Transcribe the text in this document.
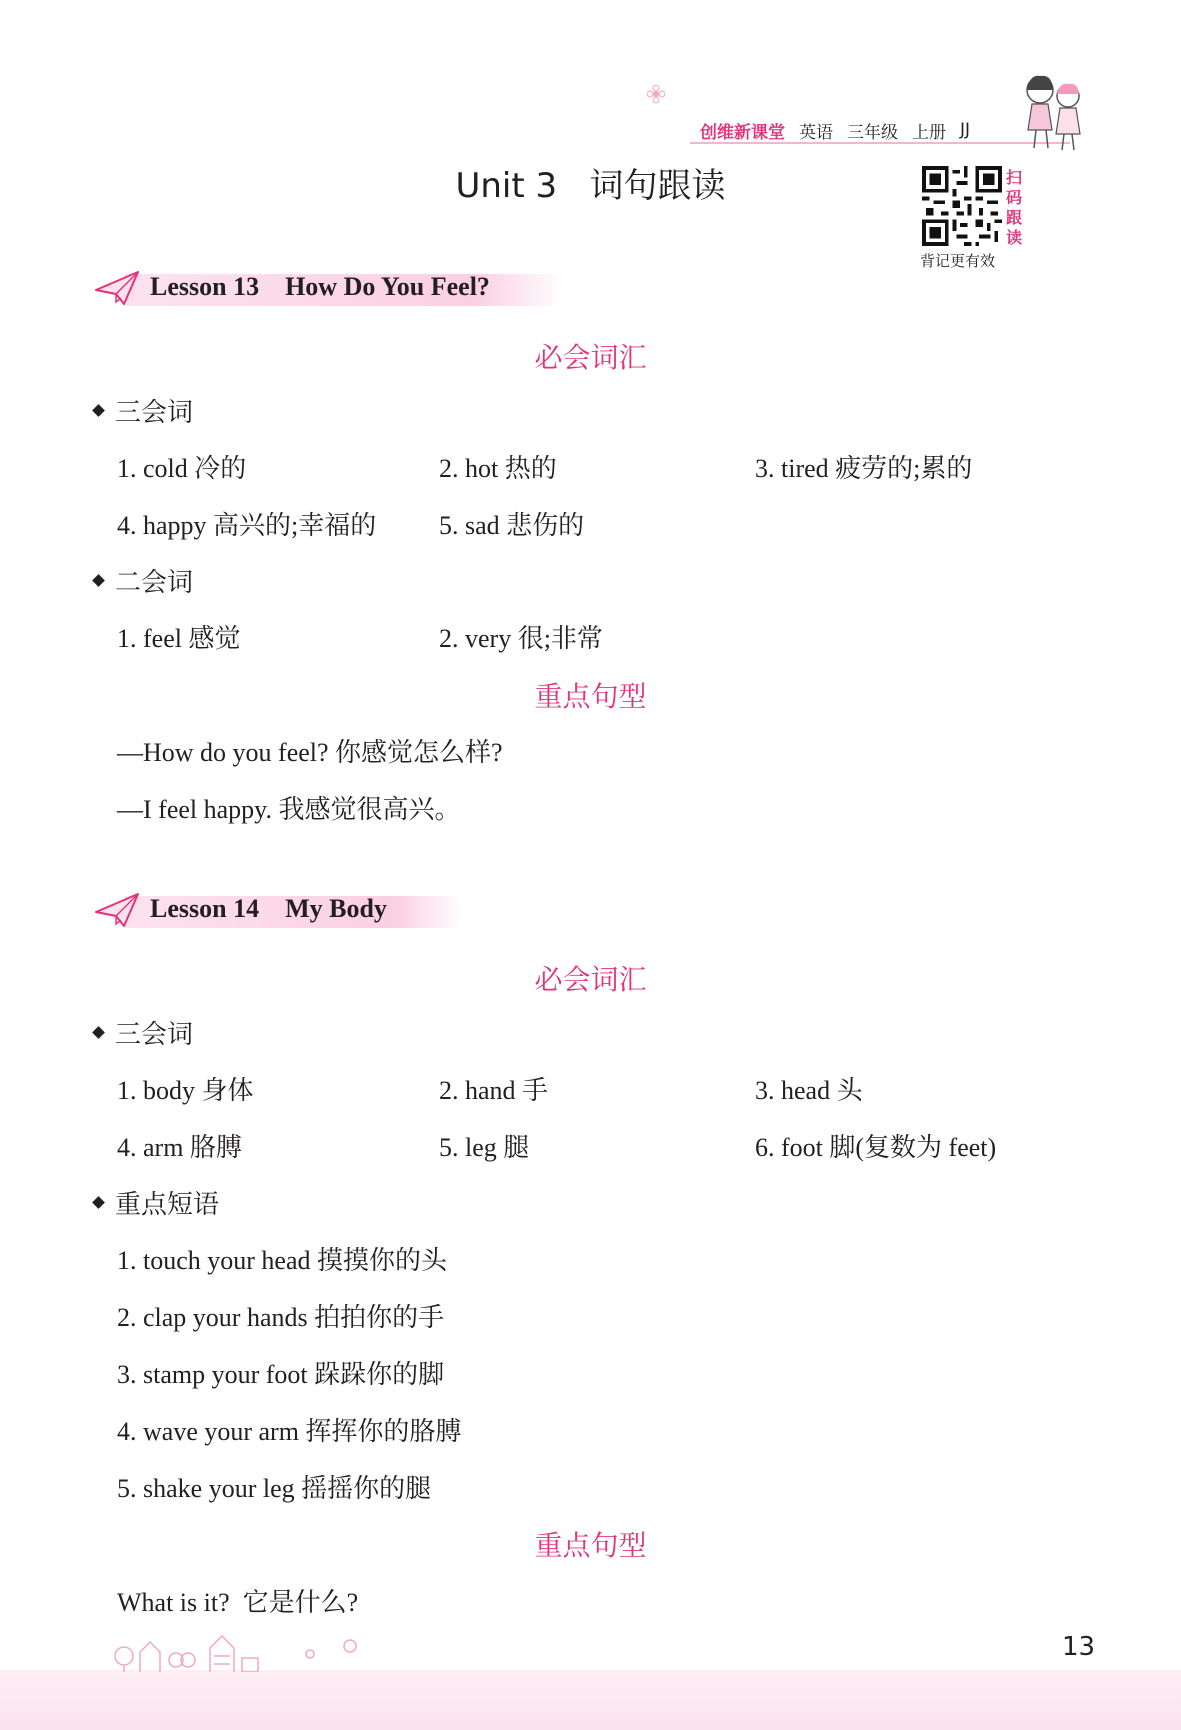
创维新课堂 英语 三年级 上册 JJ
Unit 3   词句跟读	扫
码
跟
读
背记更有效
Lesson 13    How Do You Feel?
必会词汇
三会词
1. cold 冷的	2. hot 热的	3. tired 疲劳的;累的
4. happy 高兴的;幸福的 5. sad 悲伤的
二会词
1. feel 感觉	2. very 很;非常
重点句型
—How do you feel? 你感觉怎么样?
—I feel happy. 我感觉很高兴。
Lesson 14    My Body
必会词汇
三会词
1. body 身体	2. hand 手	3. head 头
4. arm 胳膊	5. leg 腿	6. foot 脚(复数为 feet)
重点短语
1. touch your head 摸摸你的头
2. clap your hands 拍拍你的手
3. stamp your foot 跺跺你的脚
4. wave your arm 挥挥你的胳膊
5. shake your leg 摇摇你的腿
重点句型
What is it?  它是什么?
13
